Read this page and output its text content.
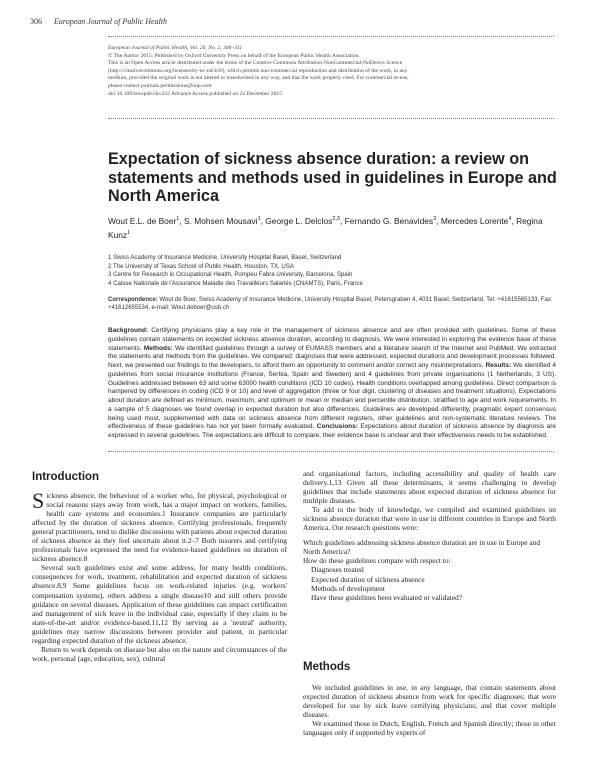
306 European Journal of Public Health
European Journal of Public Health, Vol. 26, No. 2, 306–311
© The Author 2015. Published by Oxford University Press on behalf of the European Public Health Association.
This is an Open Access article distributed under the terms of the Creative Commons Attribution-NonCommercial-NoDerivs licence
(http://creativecommons.org/licenses/by-nc-nd/4.0/), which permits non-commercial reproduction and distribution of the work, in any
medium, provided the original work is not altered or transformed in any way, and that the work properly cited. For commercial re-use,
please contact journals.permissions@oup.com
doi:10.1093/eurpub/ckv222 Advance Access published on 24 December 2015
Expectation of sickness absence duration: a review on statements and methods used in guidelines in Europe and North America
Wout E.L. de Boer$^1$, S. Mohsen Mousavi$^1$, George L. Delclos$^{2,3}$, Fernando G. Benavides$^3$, Mercedes Lorente$^4$, Regina Kunz$^1$
1 Swiss Academy of Insurance Medicine, University Hospital Basel, Basel, Switzerland
2 The University of Texas School of Public Health, Houston, TX, USA
3 Centre for Research in Occupational Health, Pompeu Fabra University, Barcelona, Spain
4 Caisse Nationale de l'Assurance Maladie des Travailleurs Salariés (CNAMTS), Paris, France
Correspondence: Wout de Boer, Swiss Academy of Insurance Medicine, University Hospital Basel, Petersgraben 4, 4031 Basel, Switzerland, Tel: +41615565133, Fax: +41612655534, e-mail: Wout.deboer@usb.ch
Background: Certifying physicians play a key role in the management of sickness absence and are often provided with guidelines. Some of these guidelines contain statements on expected sickness absence duration, according to diagnosis. We were interested in exploring the evidence base of these statements. Methods: We identified guidelines through a survey of EUMASS members and a literature search of the Internet and PubMed. We extracted the statements and methods from the guidelines. We compared: diagnoses that were addressed, expected durations and development processes followed. Next, we presented our findings to the developers, to afford them an opportunity to comment and/or correct any misinterpretations. Results: We identified 4 guidelines from social insurance institutions (France, Serbia, Spain and Sweden) and 4 guidelines from private organisations (1 Netherlands, 3 US). Guidelines addressed between 63 and some 63000 health conditions (ICD 10 codes). Health conditions overlapped among guidelines. Direct comparison is hampered by differences in coding (ICD 9 or 10) and level of aggregation (three or four digit, clustering of diseases and treatment situations). Expectations about duration are defined as minimum, maximum, and optimum or mean or median and percentile distribution, stratified to age and work requirements. In a sample of 5 diagnoses we found overlap in expected duration but also differences. Guidelines are developed differently, pragmatic expert consensus being used most, supplemented with data on sickness absence from different registers, other guidelines and non-systematic literature reviews. The effectiveness of these guidelines has not yet been formally evaluated. Conclusions: Expectations about duration of sickness absence by diagnosis are expressed in several guidelines. The expectations are difficult to compare, their evidence base is unclear and their effectiveness needs to be established.
Introduction

Sickness absence, the behaviour of a worker who, for physical, psychological or social reasons stays away from work, has a major impact on workers, families, health care systems and economies.1 Insurance companies are particularly affected by the duration of sickness absence. Certifying professionals, frequently general practitioners, tend to dislike discussions with patients about expected duration of sickness absence as they feel uncertain about it.2–7 Both insurers and certifying professionals have expressed the need for evidence-based guidelines on duration of sickness absence.8

Several such guidelines exist and some address, for many health conditions, consequences for work, treatment, rehabilitation and expected duration of sickness absence.8,9 Some guidelines focus on work-related injuries (e.g. workers' compensation systems), others address a single disease10 and still others provide guidance on several diseases. Application of these guidelines can impact certification and management of sick leave in the individual case, especially if they claim to be state-of-the-art and/or evidence-based.11,12 By serving as a 'neutral' authority, guidelines may narrow discussions between provider and patient, in particular regarding expected duration of the sickness absence.

Return to work depends on disease but also on the nature and circumstances of the work, personal (age, education, sex), cultural

and organisational factors, including accessibility and quality of health care delivery.1,13 Given all these determinants, it seems challenging to develop guidelines that include statements about expected duration of sickness absence for multiple diseases.

To add to the body of knowledge, we compiled and examined guidelines on sickness absence duration that were in use in different countries in Europe and North America. Our research questions were:

Which guidelines addressing sickness absence duration are in use in Europe and North America?
How do these guidelines compare with respect to:
Diagnoses treated
Expected duration of sickness absence
Methods of development
Have these guidelines been evaluated or validated?
Methods

We included guidelines in use, in any language, that contain statements about expected duration of sickness absence from work for specific diagnoses; that were developed for use by sick leave certifying physicians; and that cover multiple diseases.

We examined those in Dutch, English, French and Spanish directly; those in other languages only if supported by experts of
